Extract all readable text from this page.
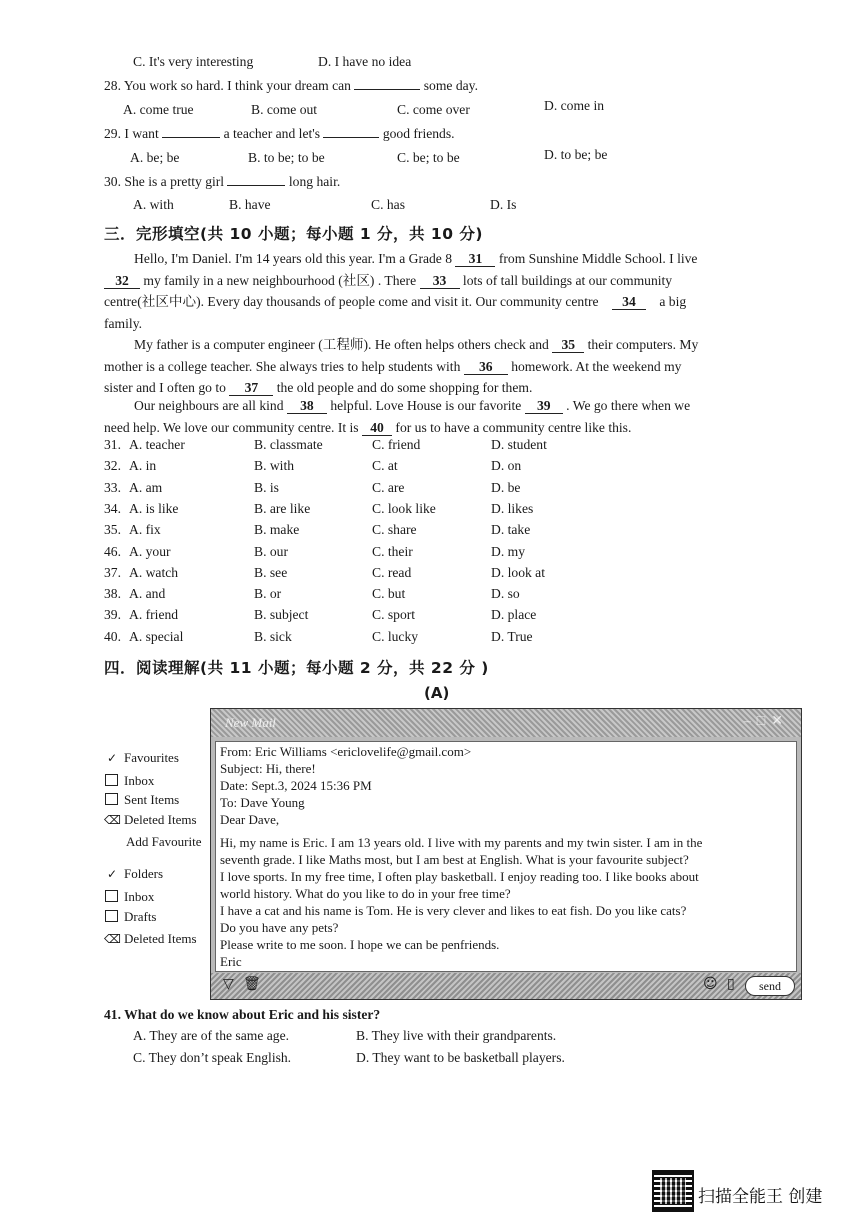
C. It's very interesting	D. I have no idea
28. You work so hard. I think your dream can	some day.
A. come true	B. come out	C. come over	D. come in
29. I want	a teacher and let's	good friends.
A. be; be	B. to be; to be	C. be; to be	D. to be; be
30. She is a pretty girl	long hair.
A. with	B. have	C. has	D. Is
三．完形填空(共 10 小题；每小题 1 分，共 10 分)
Hello, I'm Daniel. I'm 14 years old this year. I'm a Grade 8 31 from Sunshine Middle School. I live
32 my family in a new neighbourhood (社区) . There 33 lots of tall buildings at our community
centre(社区中心). Every day thousands of people come and visit it. Our community centre 34 a big
family.
My father is a computer engineer (工程师). He often helps others check and 35 their computers. My
mother is a college teacher. She always tries to help students with 36 homework. At the weekend my
sister and I often go to 37 the old people and do some shopping for them.
Our neighbours are all kind 38 helpful. Love House is our favorite 39 . We go there when we
need help. We love our community centre. It is 40 for us to have a community centre like this.
31. A. teacher	B. classmate	C. friend	D. student
32. A. in	B. with	C. at	D. on
33. A. am	B. is	C. are	D. be
34. A. is like	B. are like	C. look like	D. likes
35. A. fix	B. make	C. share	D. take
46. A. your	B. our	C. their	D. my
37. A. watch	B. see	C. read	D. look at
38. A. and	B. or	C. but	D. so
39. A. friend	B. subject	C. sport	D. place
40. A. special	B. sick	C. lucky	D. True
四．阅读理解(共 11 小题；每小题 2 分，共 22 分 )
(A)
✓ Favourites
Inbox
Sent Items
⌫ Deleted Items
Add Favourite
✓ Folders
Inbox
Drafts
⌫ Deleted Items
New Mail	–□✕
From: Eric Williams <ericlovelife@gmail.com>
Subject: Hi, there!
Date: Sept.3, 2024 15:36 PM
To: Dave Young
Dear Dave,
Hi, my name is Eric. I am 13 years old. I live with my parents and my twin sister. I am in the
seventh grade. I like Maths most, but I am best at English. What is your favourite subject?
I love sports. In my free time, I often play basketball. I enjoy reading too. I like books about
world history. What do you like to do in your free time?
I have a cat and his name is Tom. He is very clever and likes to eat fish. Do you like cats?
Do you have any pets?
Please write to me soon. I hope we can be penfriends.
Eric
▽ 🗑	☺ ▯	send
41. What do we know about Eric and his sister?
A. They are of the same age.	B. They live with their grandparents.
C. They don’t speak English.	D. They want to be basketball players.
扫描全能王 创建
